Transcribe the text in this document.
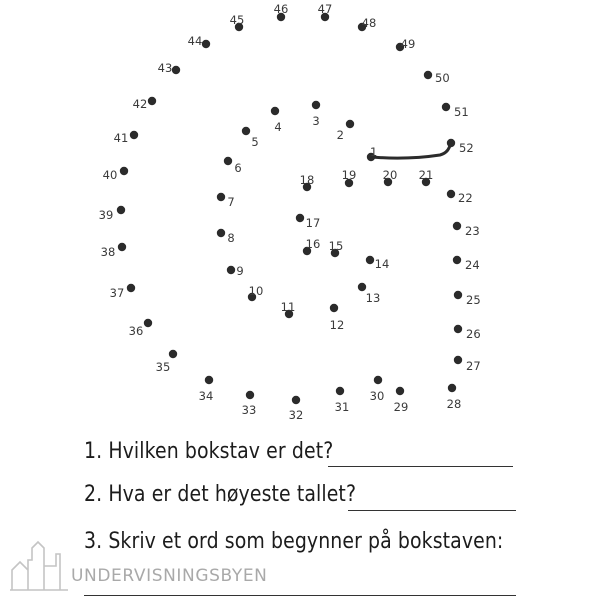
1
2
3
4
5
6
7
8
9
10
11
12
13
14
15
16
17
18 19 20 21
22
23
24
25
26
27
28
29
30
31
32
33
34
35
36
37
38
39
40
41
42
43
44
45
46	47
48
49
50
51
52
1. Hvilken bokstav er det?
2. Hva er det høyeste tallet?
3. Skriv et ord som begynner på bokstaven:
UNDERVISNINGSBYEN
